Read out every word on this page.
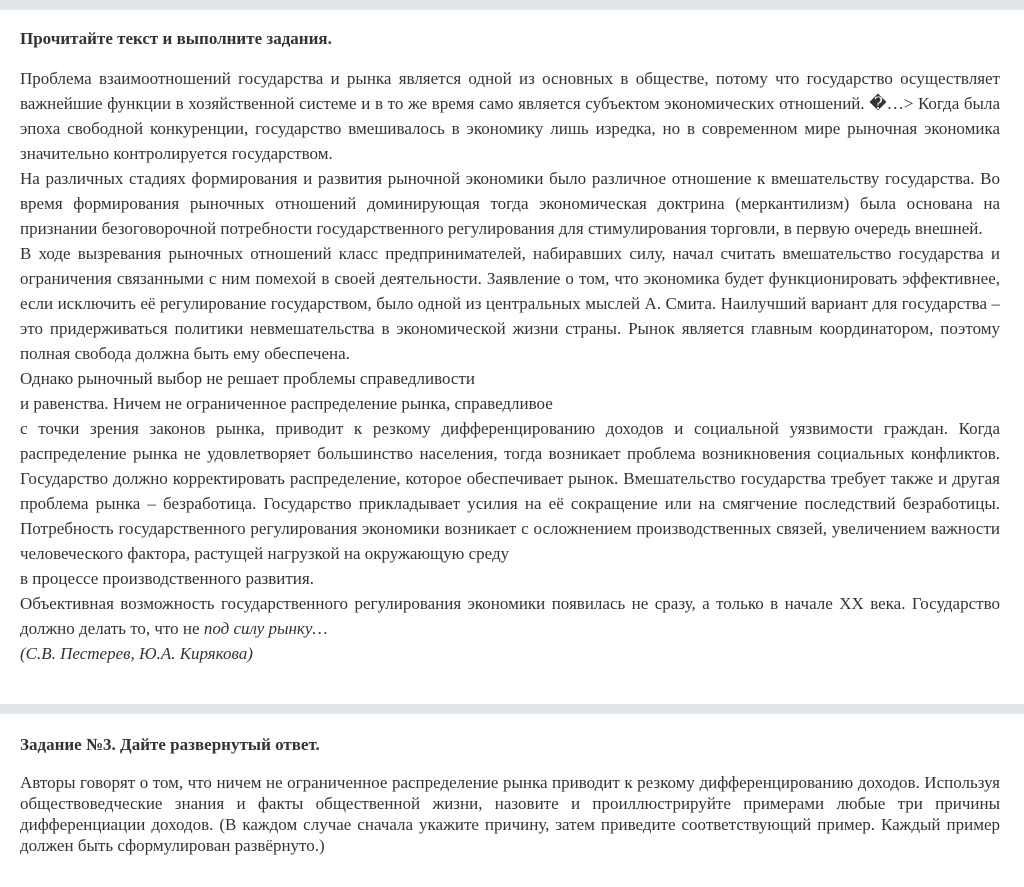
Прочитайте текст и выполните задания.

Проблема взаимоотношений государства и рынка является одной из основных в обществе, потому что государство осуществляет важнейшие функции в хозяйственной системе и в то же время само является субъектом экономических отношений. �…> Когда была эпоха свободной конкуренции, государство вмешивалось в экономику лишь изредка, но в современном мире рыночная экономика значительно контролируется государством.

На различных стадиях формирования и развития рыночной экономики было различное отношение к вмешательству государства. Во время формирования рыночных отношений доминирующая тогда экономическая доктрина (меркантилизм) была основана на признании безоговорочной потребности государственного регулирования для стимулирования торговли, в первую очередь внешней.

В ходе вызревания рыночных отношений класс предпринимателей, набиравших силу, начал считать вмешательство государства и ограничения связанными с ним помехой в своей деятельности. Заявление о том, что экономика будет функционировать эффективнее, если исключить её регулирование государством, было одной из центральных мыслей А. Смита. Наилучший вариант для государства – это придерживаться политики невмешательства в экономической жизни страны. Рынок является главным координатором, поэтому полная свобода должна быть ему обеспечена.

Однако рыночный выбор не решает проблемы справедливости

и равенства. Ничем не ограниченное распределение рынка, справедливое

с точки зрения законов рынка, приводит к резкому дифференцированию доходов и социальной уязвимости граждан. Когда распределение рынка не удовлетворяет большинство населения, тогда возникает проблема возникновения социальных конфликтов. Государство должно корректировать распределение, которое обеспечивает рынок. Вмешательство государства требует также и другая проблема рынка – безработица. Государство прикладывает усилия на её сокращение или на смягчение последствий безработицы. Потребность государственного регулирования экономики возникает с осложнением производственных связей, увеличением важности человеческого фактора, растущей нагрузкой на окружающую среду

в процессе производственного развития.

Объективная возможность государственного регулирования экономики появилась не сразу, а только в начале XX века. Государство должно делать то, что не под силу рынку…

(С.В. Пестерев, Ю.А. Кирякова)

Задание №3. Дайте развернутый ответ.

Авторы говорят о том, что ничем не ограниченное распределение рынка приводит к резкому дифференцированию доходов. Используя обществоведческие знания и факты общественной жизни, назовите и проиллюстрируйте примерами любые три причины дифференциации доходов. (В каждом случае сначала укажите причину, затем приведите соответствующий пример. Каждый пример должен быть сформулирован развёрнуто.)
